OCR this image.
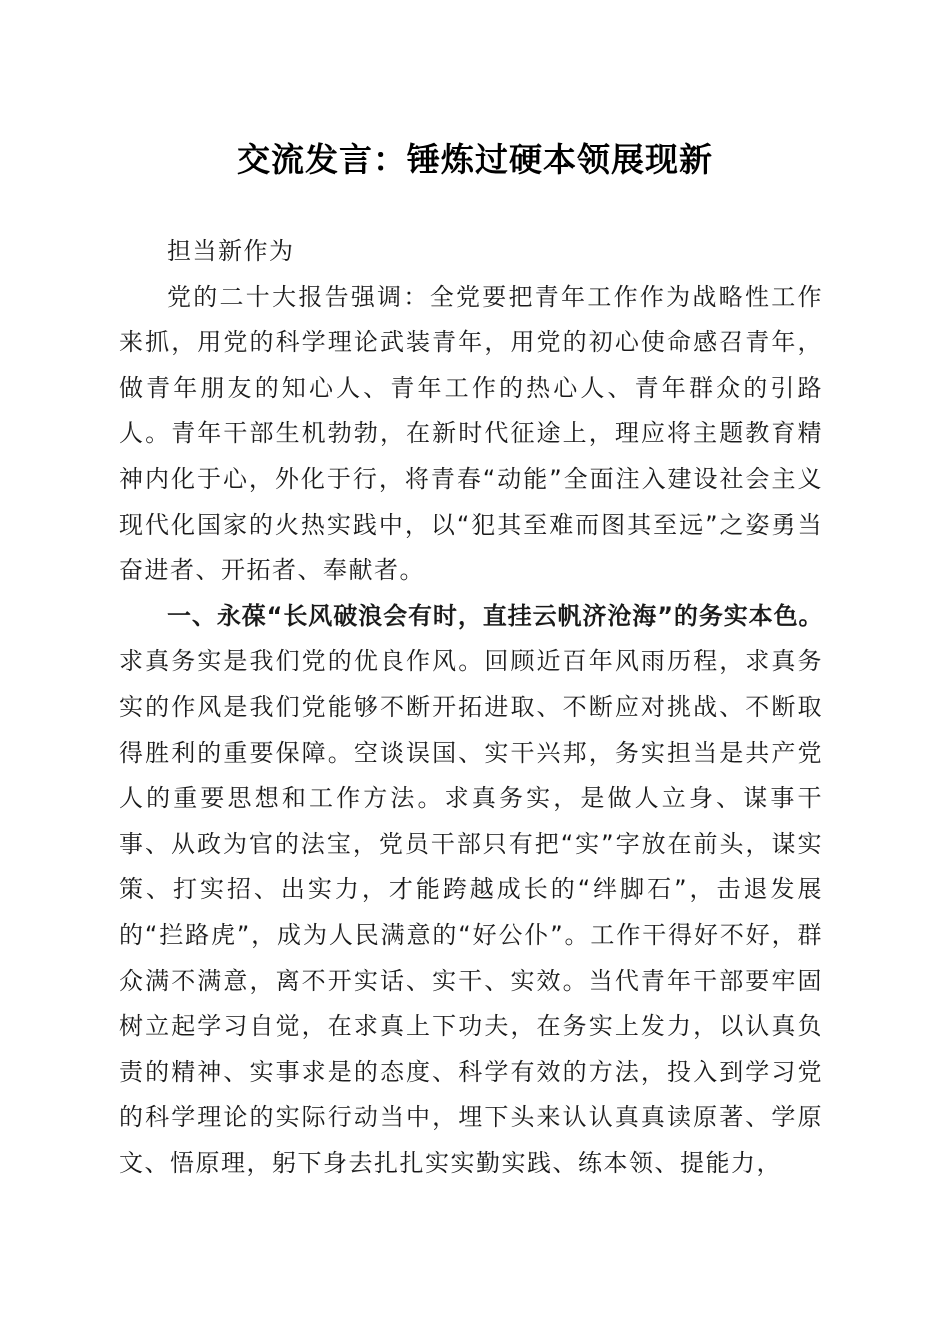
交流发言：锤炼过硬本领展现新

担当新作为

党的二十大报告强调：全党要把青年工作作为战略性工作来抓，用党的科学理论武装青年，用党的初心使命感召青年，做青年朋友的知心人、青年工作的热心人、青年群众的引路人。青年干部生机勃勃，在新时代征途上，理应将主题教育精神内化于心，外化于行，将青春“动能”全面注入建设社会主义现代化国家的火热实践中，以“犯其至难而图其至远”之姿勇当奋进者、开拓者、奉献者。

一、永葆“长风破浪会有时，直挂云帆济沧海”的务实本色。求真务实是我们党的优良作风。回顾近百年风雨历程，求真务实的作风是我们党能够不断开拓进取、不断应对挑战、不断取得胜利的重要保障。空谈误国、实干兴邦，务实担当是共产党人的重要思想和工作方法。求真务实，是做人立身、谋事干事、从政为官的法宝，党员干部只有把“实”字放在前头，谋实策、打实招、出实力，才能跨越成长的“绊脚石”，击退发展的“拦路虎”，成为人民满意的“好公仆”。工作干得好不好，群众满不满意，离不开实话、实干、实效。当代青年干部要牢固树立起学习自觉，在求真上下功夫，在务实上发力，以认真负责的精神、实事求是的态度、科学有效的方法，投入到学习党的科学理论的实际行动当中，埋下头来认认真真读原著、学原文、悟原理，躬下身去扎扎实实勤实践、练本领、提能力，
